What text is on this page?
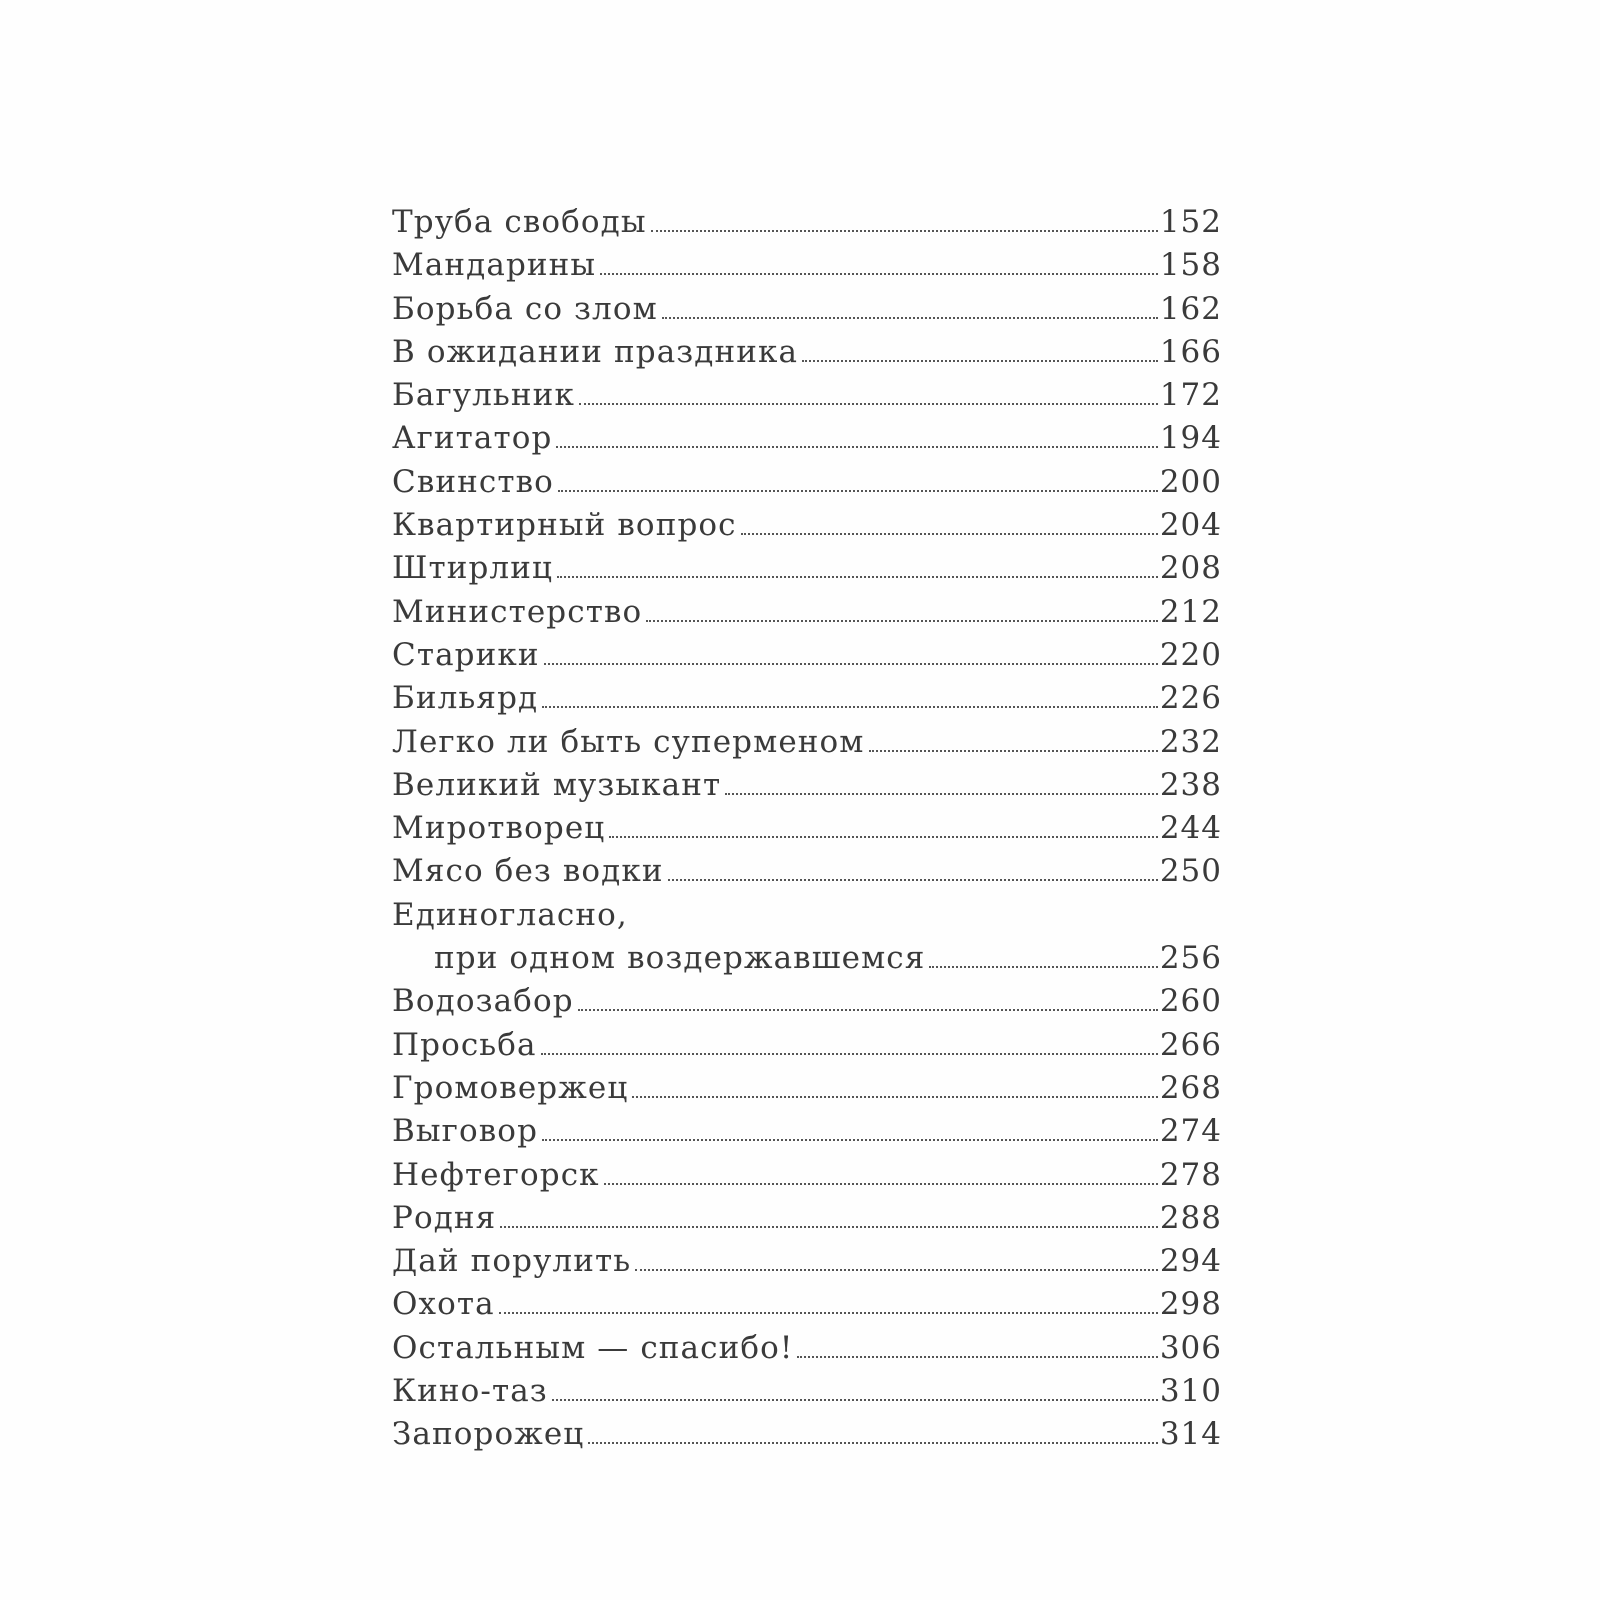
Труба свободы	152
Мандарины	158
Борьба со злом	162
В ожидании праздника	166
Багульник	172
Агитатор	194
Свинство	200
Квартирный вопрос	204
Штирлиц	208
Министерство	212
Старики	220
Бильярд	226
Легко ли быть суперменом	232
Великий музыкант	238
Миротворец	244
Мясо без водки	250
Единогласно,
при одном воздержавшемся	256
Водозабор	260
Просьба	266
Громовержец	268
Выговор	274
Нефтегорск	278
Родня	288
Дай порулить	294
Охота	298
Остальным — спасибо!	306
Кино-таз	310
Запорожец	314
